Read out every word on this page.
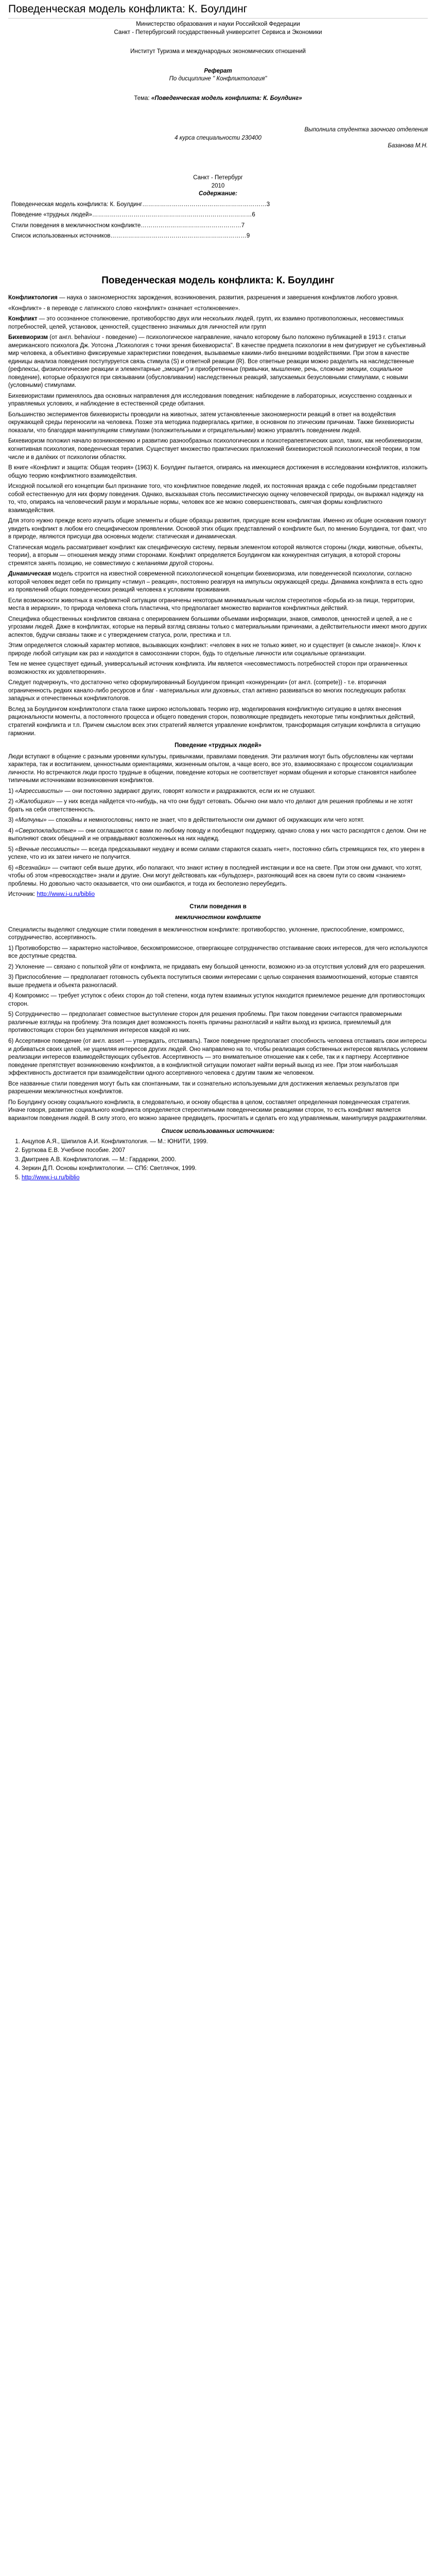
Поведенческая модель конфликта: К. Боулдинг
Министерство образования и науки Российской Федерации
Санкт - Петербургский государственный университет Сервиса и Экономики
Институт Туризма и международных экономических отношений
Реферат
По дисциплине " Конфликтология"
Тема: «Поведенческая модель конфликта: К. Боулдинг»
Выполнила студентка заочного отделения
4 курса специальности 230400
Базанова М.Н.
Санкт - Петербург
2010
Содержание:
Поведенческая модель конфликта: К. Боулдинг………………………………………………………3
Поведение «трудных людей»………………………………………………………………………6
Стили поведения в межличностном конфликте……………………………………………7
Список использованных источников……………………………………………………………9
Поведенческая модель конфликта: К. Боулдинг

Конфликтология — наука о закономерностях зарождения, возникновения, развития, разрешения и завершения конфликтов любого уровня.

«Конфликт» - в переводе с латинского слово «конфликт» означает «столкновение».

Конфликт — это осознанное столкновение, противоборство двух или нескольких людей, групп, их взаимно противоположных, несовместимых потребностей, целей, установок, ценностей, существенно значимых для личностей или групп

Бихевиоризм (от англ. behaviour - поведение) — психологическое направление, начало которому было положено публикацией в 1913 г. статьи американского психолога Дж. Уотсона „Психология с точки зрения бихевиориста". В качестве предмета психологии в нем фигурирует не субъективный мир человека, а объективно фиксируемые характеристики поведения, вызываемые какими-либо внешними воздействиями. При этом в качестве единицы анализа поведения поступуруется связь стимула (S) и ответной реакции (R). Все ответные реакции можно разделить на наследственные (рефлексы, физиологические реакции и элементарные „эмоции") и приобретенные (привычки, мышление, речь, сложные эмоции, социальное поведение), которые образуются при связывании (обусловливании) наследственных реакций, запускаемых безусловными стимулами, с новыми (условными) стимулами.

Бихевиористами применялось два основных направления для исследования поведения: наблюдение в лабораторных, искусственно созданных и управляемых условиях, и наблюдение в естественной среде обитания.

Большинство экспериментов бихевиористы проводили на животных, затем установленные закономерности реакций в ответ на воздействия окружающей среды переносили на человека. Позже эта методика подвергалась критике, в основном по этическим причинам. Также бихевиористы показали, что благодаря манипуляциям стимулами (положительными и отрицательными) можно управлять поведением людей.

Бихевиоризм положил начало возникновению и развитию разнообразных психологических и психотерапевтических школ, таких, как необихевиоризм, когнитивная психология, поведенческая терапия. Существует множество практических приложений бихевиористской психологической теории, в том числе и в далёких от психологии областях.

В книге «Конфликт и защита: Общая теория» (1963) К. Боулдинг пытается, опираясь на имеющиеся достижения в исследовании конфликтов, изложить общую теорию конфликтного взаимодействия.

Исходной посылкой его концепции был признание того, что конфликтное поведение людей, их постоянная вражда с себе подобными представляет собой естественную для них форму поведения. Однако, высказывая столь пессимистическую оценку человеческой природы, он выражал надежду на то, что, опираясь на человеческий разум и моральные нормы, человек все же можно совершенствовать, смягчая формы конфликтного взаимодействия.

Для этого нужно прежде всего изучить общие элементы и общие образцы развития, присущие всем конфликтам. Именно их общие основания помогут увидеть конфликт в любом его специфическом проявлении. Основой этих общих представлений о конфликте был, по мнению Боулдинга, тот факт, что в природе, являются присущи два основных модели: статическая и динамическая.

Статическая модель рассматривает конфликт как специфическую систему, первым элементом которой являются стороны (люди, животные, объекты, теории), а вторым — отношения между этими сторонами. Конфликт определяется Боулдингом как конкурентная ситуация, в которой стороны стремятся занять позицию, не совместимую с желаниями другой стороны.

Динамическая модель строится на известной современной психологической концепции бихевиоризма, или поведенческой психологии, согласно которой человек ведет себя по принципу «стимул – реакция», постоянно реагируя на импульсы окружающей среды. Динамика конфликта в есть одно из проявлений общих поведенческих реакций человека к условиям проживания.

Если возможности животных в конфликтной ситуации ограничены некоторым минимальным числом стереотипов «борьба из-за пищи, территории, места в иерархии», то природа человека столь пластична, что предполагает множество вариантов конфликтных действий.

Специфика общественных конфликтов связана с оперированием большими объемами информации, знаков, символов, ценностей и целей, а не с угрозами людей. Даже в конфликтах, которые на первый взгляд связаны только с материальными причинами, а действительности имеют много других аспектов, будучи связаны также и с утверждением статуса, роли, престижа и т.п.

Этим определяется сложный характер мотивов, вызывающих конфликт: «человек в них не только живет, но и существует (в смысле знаков)». Ключ к природе любой ситуации как раз и находится в самосознании сторон, будь то отдельные личности или социальные организации.

Тем не менее существует единый, универсальный источник конфликта. Им является «несовместимость потребностей сторон при ограниченных возможностях их удовлетворения».

Следует подчеркнуть, что достаточно четко сформулированный Боулдингом принцип «конкуренции» (от англ. (compete)) - т.е. вторичная ограниченность редких канало-либо ресурсов и благ - материальных или духовных, стал активно развиваться во многих последующих работах западных и отечественных конфликтологов.

Вслед за Боулдингом конфликтологи стала также широко использовать теорию игр, моделирования конфликтную ситуацию в целях внесения рациональности моменты, а постоянного процесса и общего поведения сторон, позволяющие предвидеть некоторые типы конфликтных действий, стратегий конфликта и т.п. Причем смыслом всех этих стратегий является управление конфликтом, трансформация ситуации конфликта в ситуацию гармонии.

Поведение «трудных людей»

Люди вступают в общение с разными уровнями культуры, привычками, правилами поведения. Эти различия могут быть обусловлены как чертами характера, так и воспитанием, ценностными ориентациями, жизненным опытом, а чаще всего, все это, взаимосвязано с процессом социализации личности. Но встречаются люди просто трудные в общении, поведение которых не соответствует нормам общения и которые становятся наиболее типичными источниками возникновения конфликтов.

1) «Агрессивисты» — они постоянно задирают других, говорят колкости и раздражаются, если их не слушают.

2) «Жалобщики» — у них всегда найдется что-нибудь, на что они будут сетовать. Обычно они мало что делают для решения проблемы и не хотят брать на себя ответственность.

3) «Молчуны» — спокойны и немногословны; никто не знает, что в действительности они думают об окружающих или чего хотят.

4) «Сверхпокладистые» — они соглашаются с вами по любому поводу и пообещают поддержку, однако слова у них часто расходятся с делом. Они не выполняют своих обещаний и не оправдывают возложенных на них надежд.

5) «Вечные пессимисты» — всегда предсказывают неудачу и всеми силами стараются сказать «нет», постоянно сбить стремящихся тех, кто уверен в успехе, что из их затеи ничего не получится.

6) «Всезнайки» — считают себя выше других, ибо полагают, что знают истину в последней инстанции и все на свете. При этом они думают, что хотят, чтобы об этом «превосходстве» знали и другие. Они могут действовать как «бульдозер», разгоняющий всех на своем пути со своим «знанием» проблемы. Но довольно часто оказывается, что они ошибаются, и тогда их бесполезно переубедить.

Источник: http://www.i-u.ru/biblio

Стили поведения в
межличностном конфликте

Специалисты выделяют следующие стили поведения в межличностном конфликте: противоборство, уклонение, приспособление, компромисс, сотрудничество, ассертивность.

1) Противоборство — характерно настойчивое, бескомпромиссное, отвергающее сотрудничество отстаивание своих интересов, для чего используются все доступные средства.

2) Уклонение — связано с попыткой уйти от конфликта, не придавать ему большой ценности, возможно из-за отсутствия условий для его разрешения.

3) Приспособление — предполагает готовность субъекта поступиться своими интересами с целью сохранения взаимоотношений, которые ставятся выше предмета и объекта разногласий.

4) Компромисс — требует уступок с обеих сторон до той степени, когда путем взаимных уступок находится приемлемое решение для противостоящих сторон.

5) Сотрудничество — предполагает совместное выступление сторон для решения проблемы. При таком поведении считаются правомерными различные взгляды на проблему. Эта позиция дает возможность понять причины разногласий и найти выход из кризиса, приемлемый для противостоящих сторон без ущемления интересов каждой из них.

6) Ассертивное поведение (от англ. assert — утверждать, отстаивать). Такое поведение предполагает способность человека отстаивать свои интересы и добиваться своих целей, не ущемляя интересов других людей. Оно направлено на то, чтобы реализация собственных интересов являлась условием реализации интересов взаимодействующих субъектов. Ассертивность — это внимательное отношение как к себе, так и к партнеру. Ассертивное поведение препятствует возникновению конфликтов, а в конфликтной ситуации помогает найти верный выход из нее. При этом наибольшая эффективность достигается при взаимодействии одного ассертивного человека с другим таким же человеком.

Все названные стили поведения могут быть как спонтанными, так и сознательно используемыми для достижения желаемых результатов при разрешении межличностных конфликтов.

По Боулдингу основу социального конфликта, в следовательно, и основу общества в целом, составляет определенная поведенческая стратегия. Иначе говоря, развитие социального конфликта определяется стереотипными поведенческими реакциями сторон, то есть конфликт является вариантом поведения людей. В силу этого, его можно заранее предвидеть, просчитать и сделать его ход управляемым, манипулируя раздражителями.

Список использованных источников:
1. Анцупов А.Я., Шипилов А.И. Конфликтология. — М.: ЮНИТИ, 1999.
2. Бурткова Е.В. Учебное пособие. 2007
3. Дмитриев А.В. Конфликтология. — М.: Гардарики, 2000.
4. Зеркин Д.П. Основы конфликтологии. — СПб: Светлячок, 1999.
5. http://www.i-u.ru/biblio
